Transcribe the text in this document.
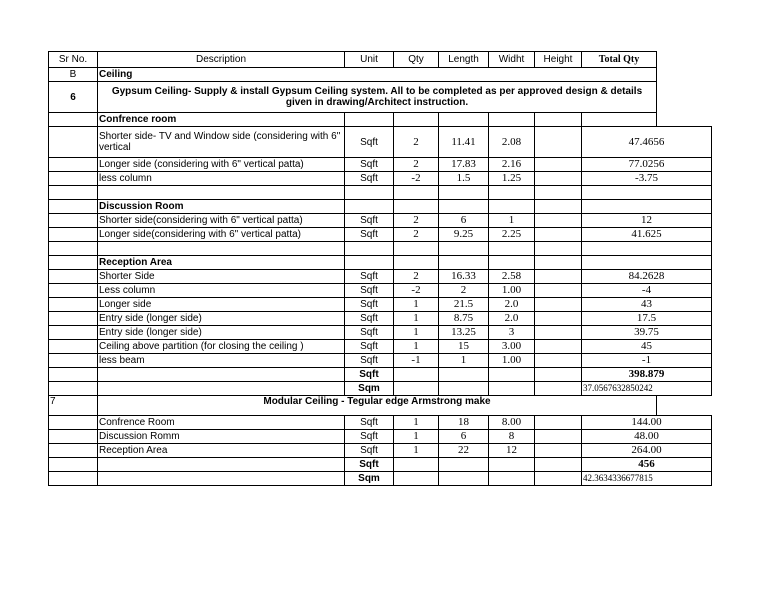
Sr No.	Description	Unit	Qty	Length	Widht	Height	Total Qty	
B	Ceiling							
6	Gypsum Ceiling- Supply & install Gypsum Ceiling system. All to be completed as per approved design & details given in drawing/Architect instruction.							
	Confrence room							
	Shorter side- TV and Window side (considering with 6" vertical	Sqft	2	11.41	2.08		47.4656	
	Longer side (considering with 6" vertical patta)	Sqft	2	17.83	2.16		77.0256	
	less column	Sqft	-2	1.5	1.25		-3.75	

	Discussion Room							
	Shorter side(considering with 6" vertical patta)	Sqft	2	6	1		12	
	Longer side(considering with 6" vertical patta)	Sqft	2	9.25	2.25		41.625	

	Reception Area							
	Shorter Side	Sqft	2	16.33	2.58		84.2628	
	Less column	Sqft	-2	2	1.00		-4	
	Longer side	Sqft	1	21.5	2.0		43	
	Entry side (longer side)	Sqft	1	8.75	2.0		17.5	
	Entry side (longer side)	Sqft	1	13.25	3		39.75	
	Ceiling above partition (for closing the ceiling )	Sqft	1	15	3.00		45	
	less beam	Sqft	-1	1	1.00		-1	
		Sqft					398.879	
		Sqm					37.0567632850242	
7	Modular Ceiling - Tegular edge Armstrong make							
	Confrence Room	Sqft	1	18	8.00		144.00	
	Discussion Romm	Sqft	1	6	8		48.00	
	Reception Area	Sqft	1	22	12		264.00	
		Sqft					456	
		Sqm					42.3634336677815	
